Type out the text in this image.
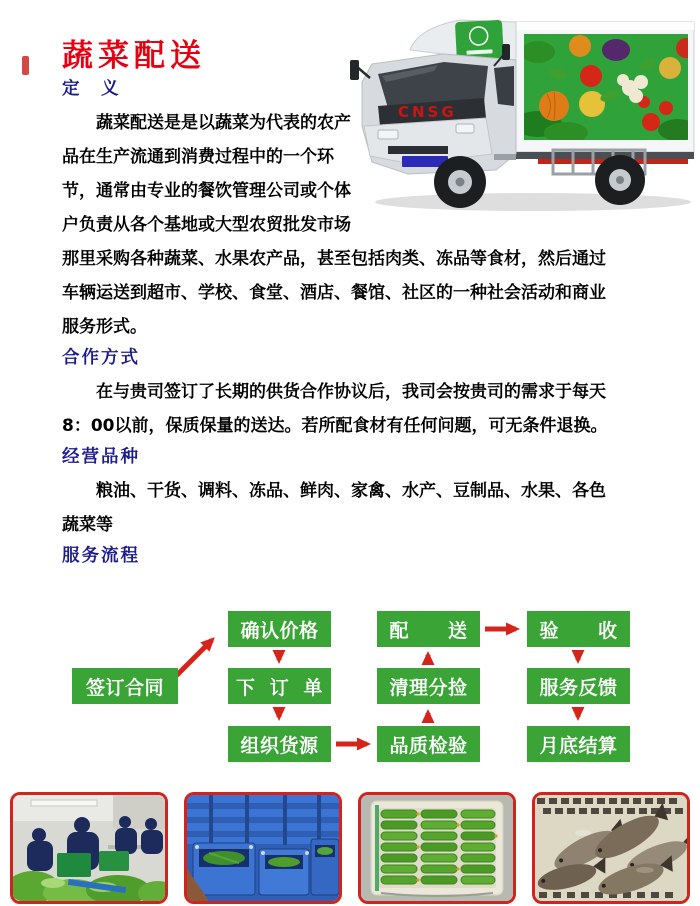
CNSG
蔬菜配送
定　义

蔬菜配送是是以蔬菜为代表的农产品在生产流通到消费过程中的一个环节，通常由专业的餐饮管理公司或个体户负责从各个基地或大型农贸批发市场那里采购各种蔬菜、水果农产品，甚至包括肉类、冻品等食材，然后通过车辆运送到超市、学校、食堂、酒店、餐馆、社区的一种社会活动和商业服务形式。

合作方式

在与贵司签订了长期的供货合作协议后，我司会按贵司的需求于每天8：00以前，保质保量的送达。若所配食材有任何问题，可无条件退换。

经营品种

粮油、干货、调料、冻品、鲜肉、家禽、水产、豆制品、水果、各色蔬菜等

服务流程
签订合同
确认价格
下  订  单
组织货源
配　　送
清理分捡
品质检验
验　　收
服务反馈
月底结算
